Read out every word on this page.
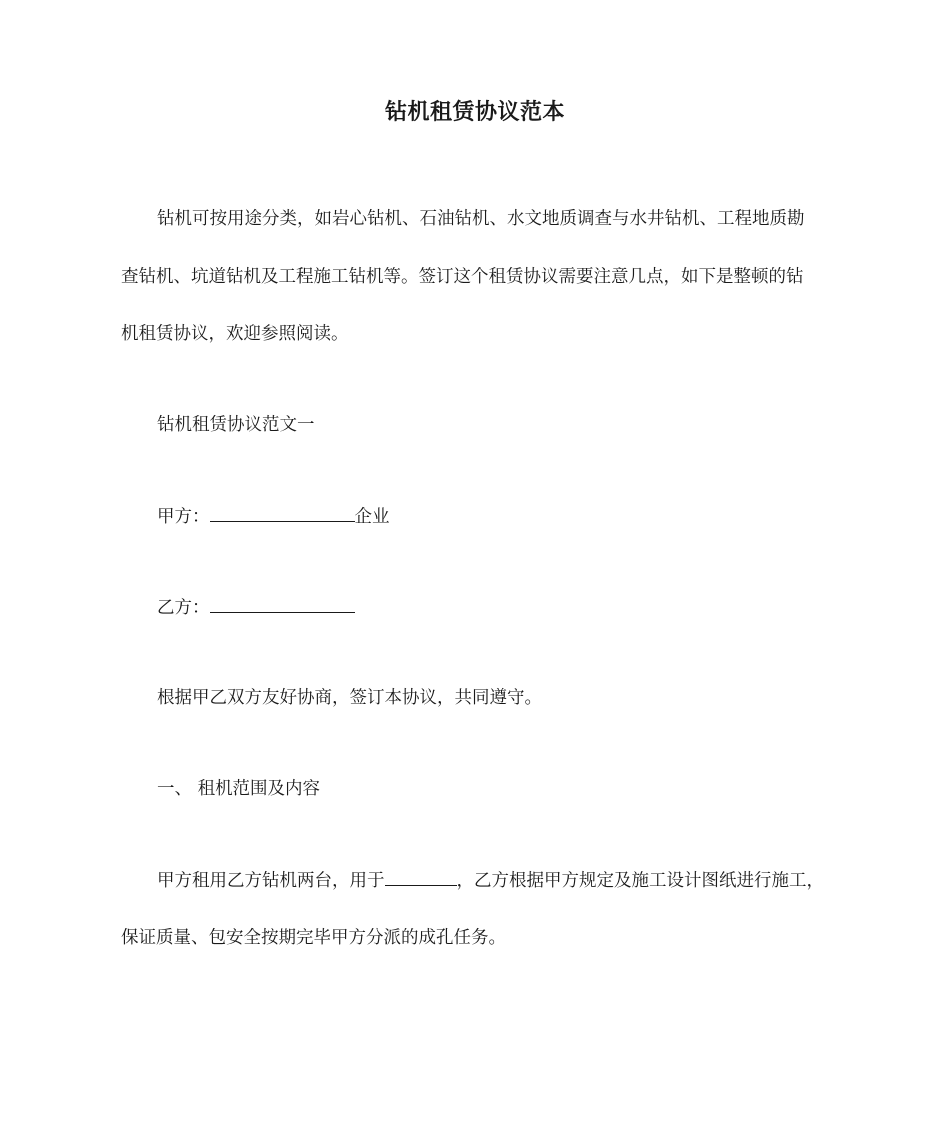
钻机租赁协议范本
钻机可按用途分类，如岩心钻机、石油钻机、水文地质调查与水井钻机、工程地质勘
查钻机、坑道钻机及工程施工钻机等。签订这个租赁协议需要注意几点，如下是整顿的钻
机租赁协议，欢迎参照阅读。
钻机租赁协议范文一
甲方：	企业
乙方：
根据甲乙双方友好协商，签订本协议，共同遵守。
一、 租机范围及内容
甲方租用乙方钻机两台，用于	，乙方根据甲方规定及施工设计图纸进行施工，
保证质量、包安全按期完毕甲方分派的成孔任务。
